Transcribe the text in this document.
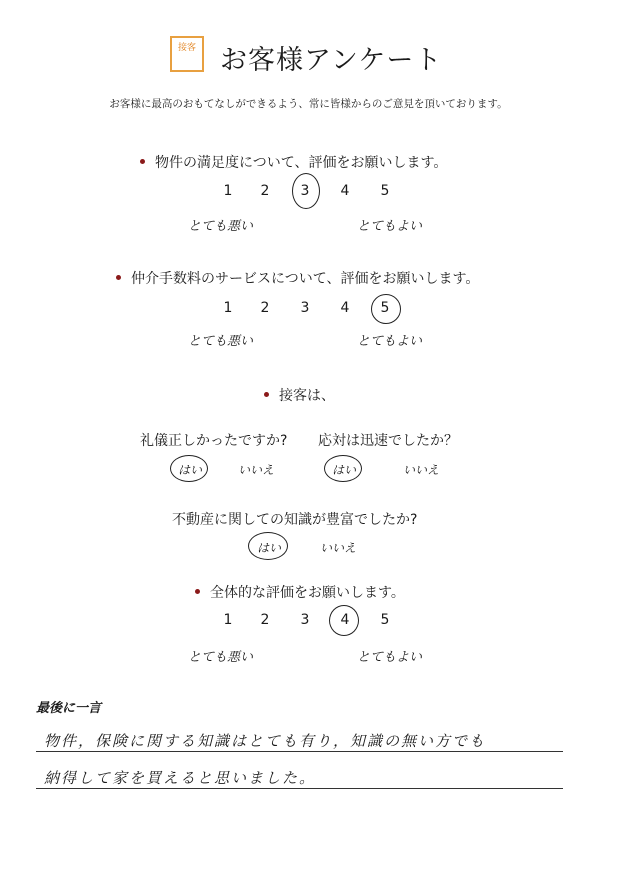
接客 お客様アンケート
お客様に最高のおもてなしができるよう、常に皆様からのご意見を頂いております。
物件の満足度について、評価をお願いします。
1	2	3	4	5
とても悪い	とてもよい
仲介手数料のサービスについて、評価をお願いします。
1	2	3	4	5
とても悪い	とてもよい
接客は、
礼儀正しかったですか? 応対は迅速でしたか？
はい	いいえ	はい	いいえ
不動産に関しての知識が豊富でしたか?
はい	いいえ
全体的な評価をお願いします。
1	2	3	4	5
とても悪い	とてもよい
最後に一言
物件，保険に関する知識はとても有り，知識の無い方でも
納得して家を買えると思いました。
